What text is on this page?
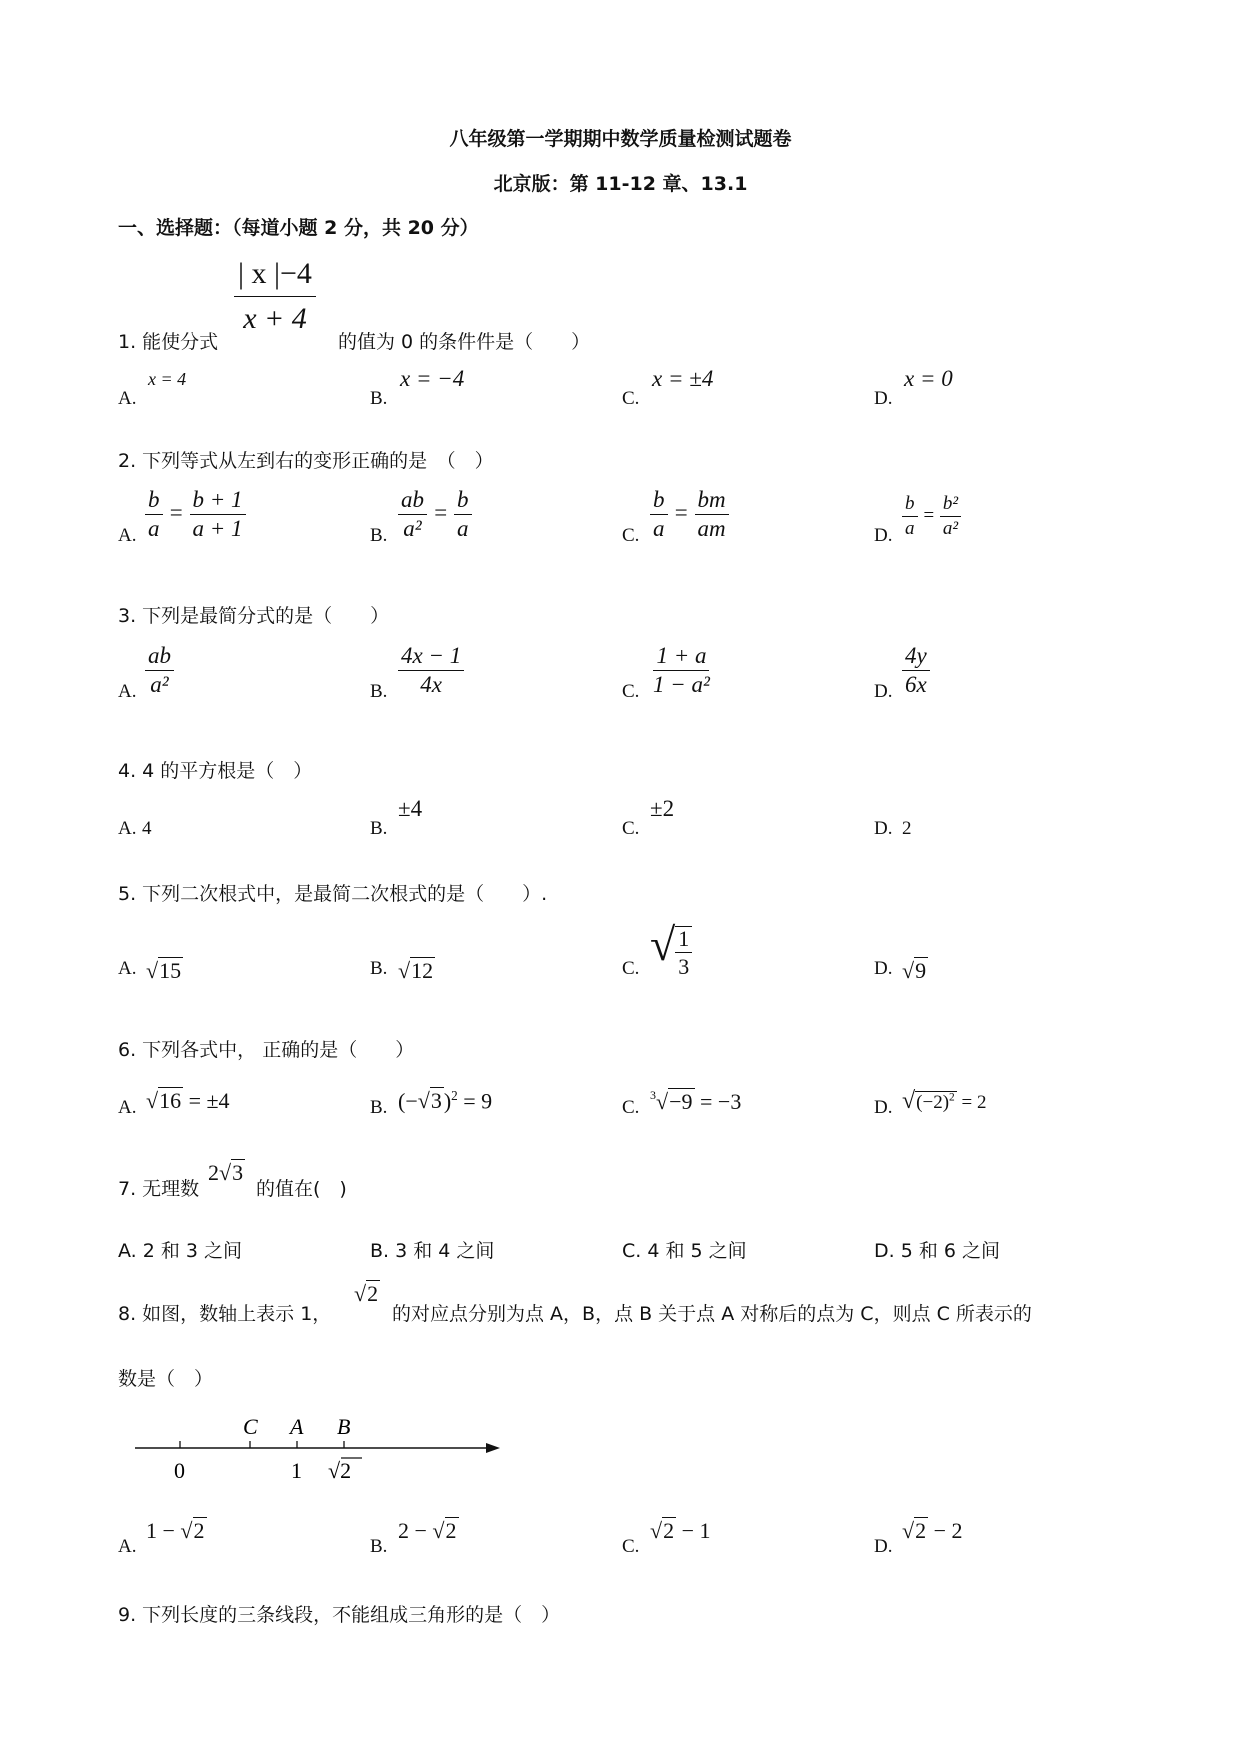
八年级第一学期期中数学质量检测试题卷
北京版：第 11-12 章、13.1
一、选择题：（每道小题 2 分，共 20 分）
1. 能使分式
$\frac{| x |-4}{x + 4}$
的值为 0 的条件件是（　　）
A.
x = 4
B.
x = −4
C.
x = ±4
D.
x = 0
2. 下列等式从左到右的变形正确的是　（　）
A. $\frac{b}{a} = \frac{b + 1}{a + 1}$	B. $\frac{ab}{\text{a²}} = \frac{b}{a}$	C. $\frac{b}{a} = \frac{bm}{am}$	D. $\frac{b}{a} = \frac{\text{b²}}{\text{a²}}$
3. 下列是最简分式的是（　　）
A. $\frac{ab}{\text{a²}}$	B. $\frac{4x - 1}{4x}$	C. $\frac{1 + a}{\text{1 − a²}}$	D. $\frac{4y}{6x}$
4. 4 的平方根是（　）
A. 4	B.
±4
C.
±2
D. 2
5. 下列二次根式中，是最简二次根式的是（　　）.
A. √15	B. √12	C. √ $\frac{1}{3}$	D. √9
6. 下列各式中， 正确的是（　　）
A. √16 = ±4	B. $(-√3)^2 = 9$	C.
$^3$√−9 = −3	D. $√(-2)^2 = 2$
7. 无理数
2√3
的值在(　)
A. 2 和 3 之间	B. 3 和 4 之间	C. 4 和 5 之间	D. 5 和 6 之间
8. 如图，数轴上表示 1，
√2
的对应点分别为点 A，B，点 B 关于点 A 对称后的点为 C，则点 C 所表示的
数是（　）
C A B
0	1 √2
A.
1 − √2
B.
2 − √2
C.
√2 − 1
D.
√2 − 2
9. 下列长度的三条线段，不能组成三角形的是（　）
